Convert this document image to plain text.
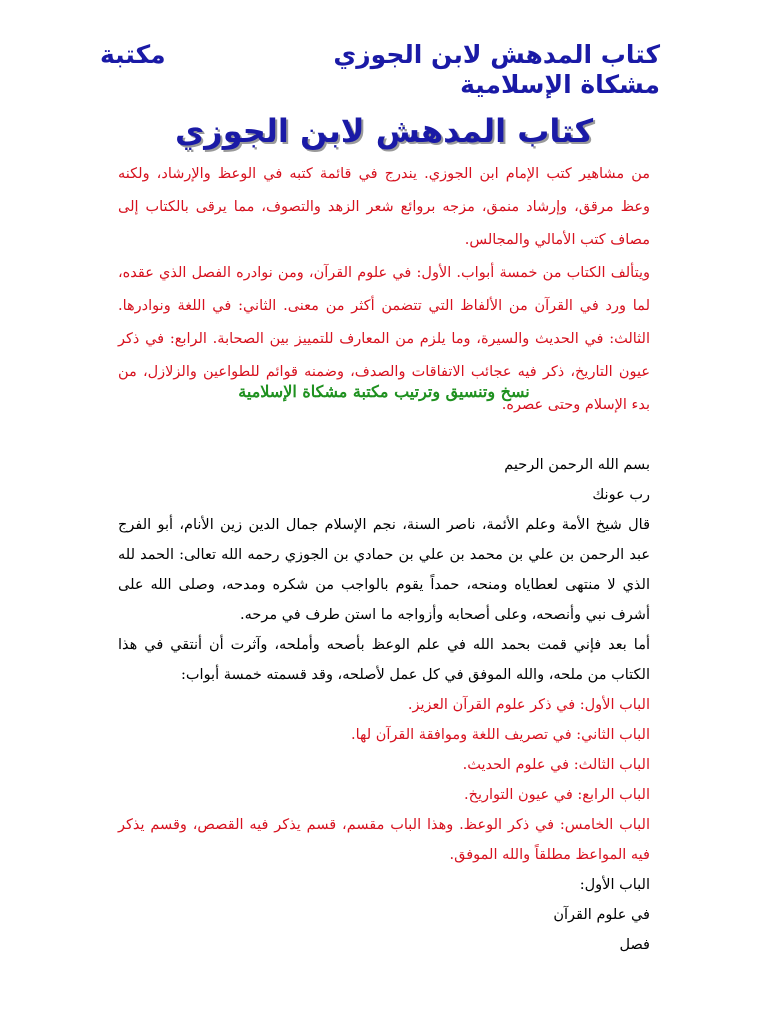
كتاب المدهش لابن الجوزي
مكتبة
مشكاة الإسلامية
كتاب المدهش لابن الجوزي

من مشاهير كتب الإمام ابن الجوزي. يندرج في قائمة كتبه في الوعظ والإرشاد، ولكنه وعظ مرقق، وإرشاد منمق، مزجه بروائع شعر الزهد والتصوف، مما يرقى بالكتاب إلى مصاف كتب الأمالي والمجالس.

ويتألف الكتاب من خمسة أبواب. الأول: في علوم القرآن، ومن نوادره الفصل الذي عقده، لما ورد في القرآن من الألفاظ التي تتضمن أكثر من معنى. الثاني: في اللغة ونوادرها. الثالث: في الحديث والسيرة، وما يلزم من المعارف للتمييز بين الصحابة. الرابع: في ذكر عيون التاريخ، ذكر فيه عجائب الاتفاقات والصدف، وضمنه قوائم للطواعين والزلازل، من بدء الإسلام وحتى عصره.

نسخ وتنسيق وترتيب مكتبة مشكاة الإسلامية

بسم الله الرحمن الرحيم

رب عونك

قال شيخ الأمة وعلم الأئمة، ناصر السنة، نجم الإسلام جمال الدين زين الأنام، أبو الفرج عبد الرحمن بن علي بن محمد بن علي بن حمادي بن الجوزي رحمه الله تعالى: الحمد لله الذي لا منتهى لعطاياه ومنحه، حمداً يقوم بالواجب من شكره ومدحه، وصلى الله على أشرف نبي وأنصحه، وعلى أصحابه وأزواجه ما استن طرف في مرحه.

أما بعد فإني قمت بحمد الله في علم الوعظ بأصحه وأملحه، وآثرت أن أنتقي في هذا الكتاب من ملحه، والله الموفق في كل عمل لأصلحه، وقد قسمته خمسة أبواب:

الباب الأول: في ذكر علوم القرآن العزيز.

الباب الثاني: في تصريف اللغة وموافقة القرآن لها.

الباب الثالث: في علوم الحديث.

الباب الرابع: في عيون التواريخ.

الباب الخامس: في ذكر الوعظ. وهذا الباب مقسم، قسم يذكر فيه القصص، وقسم يذكر فيه المواعظ مطلقاً والله الموفق.

الباب الأول:

في علوم القرآن

فصل
